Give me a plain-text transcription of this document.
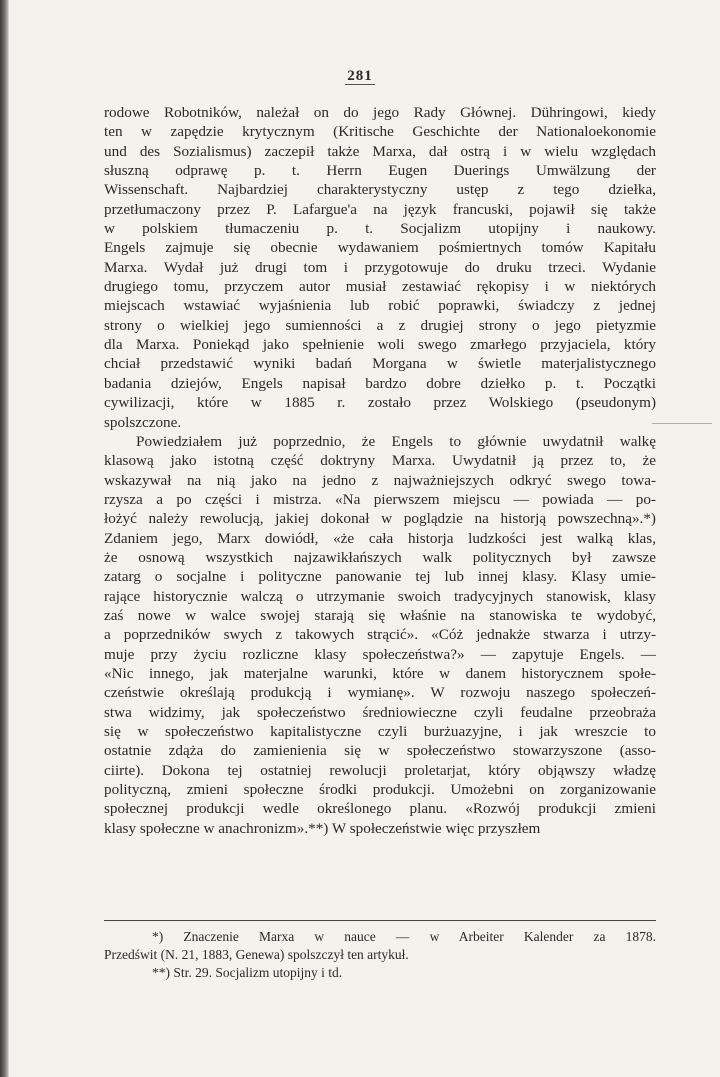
281
rodowe Robotników, należał on do jego Rady Głównej. Dühringowi, kiedy
ten w zapędzie krytycznym (Kritische Geschichte der Nationaloekonomie
und des Sozialismus) zaczepił także Marxa, dał ostrą i w wielu względach
słuszną odprawę p. t. Herrn Eugen Duerings Umwälzung der
Wissenschaft. Najbardziej charakterystyczny ustęp z tego dziełka,
przetłumaczony przez P. Lafargue'a na język francuski, pojawił się także
w polskiem tłumaczeniu p. t. Socjalizm utopijny i naukowy.
Engels zajmuje się obecnie wydawaniem pośmiertnych tomów Kapitału
Marxa. Wydał już drugi tom i przygotowuje do druku trzeci. Wydanie
drugiego tomu, przyczem autor musiał zestawiać rękopisy i w niektórych
miejscach wstawiać wyjaśnienia lub robić poprawki, świadczy z jednej
strony o wielkiej jego sumienności a z drugiej strony o jego pietyzmie
dla Marxa. Poniekąd jako spełnienie woli swego zmarłego przyjaciela, który
chciał przedstawić wyniki badań Morgana w świetle materjalistycznego
badania dziejów, Engels napisał bardzo dobre dziełko p. t. Początki
cywilizacji, które w 1885 r. zostało przez Wolskiego (pseudonym)
spolszczone.
Powiedziałem już poprzednio, że Engels to głównie uwydatnił walkę
klasową jako istotną część doktryny Marxa. Uwydatnił ją przez to, że
wskazywał na nią jako na jedno z najważniejszych odkryć swego towa-
rzysza a po części i mistrza. «Na pierwszem miejscu — powiada — po-
łożyć należy rewolucją, jakiej dokonał w poglądzie na historją powszechną».*)
Zdaniem jego, Marx dowiódł, «że cała historja ludzkości jest walką klas,
że osnową wszystkich najzawikłańszych walk politycznych był zawsze
zatarg o socjalne i polityczne panowanie tej lub innej klasy. Klasy umie-
rające historycznie walczą o utrzymanie swoich tradycyjnych stanowisk, klasy
zaś nowe w walce swojej starają się właśnie na stanowiska te wydobyć,
a poprzedników swych z takowych strącić». «Cóż jednakże stwarza i utrzy-
muje przy życiu rozliczne klasy społeczeństwa?» — zapytuje Engels. —
«Nic innego, jak materjalne warunki, które w danem historycznem społe-
czeństwie określają produkcją i wymianę». W rozwoju naszego społeczeń-
stwa widzimy, jak społeczeństwo średniowieczne czyli feudalne przeobraża
się w społeczeństwo kapitalistyczne czyli burżuazyjne, i jak wreszcie to
ostatnie zdąża do zamienienia się w społeczeństwo stowarzyszone (asso-
ciirte). Dokona tej ostatniej rewolucji proletarjat, który objąwszy władzę
polityczną, zmieni społeczne środki produkcji. Umożebni on zorganizowanie
społecznej produkcji wedle określonego planu. «Rozwój produkcji zmieni
klasy społeczne w anachronizm».**) W społeczeństwie więc przyszłem
*) Znaczenie Marxa w nauce — w Arbeiter Kalender za 1878.
Przedświt (N. 21, 1883, Genewa) spolszczył ten artykuł.
**) Str. 29. Socjalizm utopijny i td.
